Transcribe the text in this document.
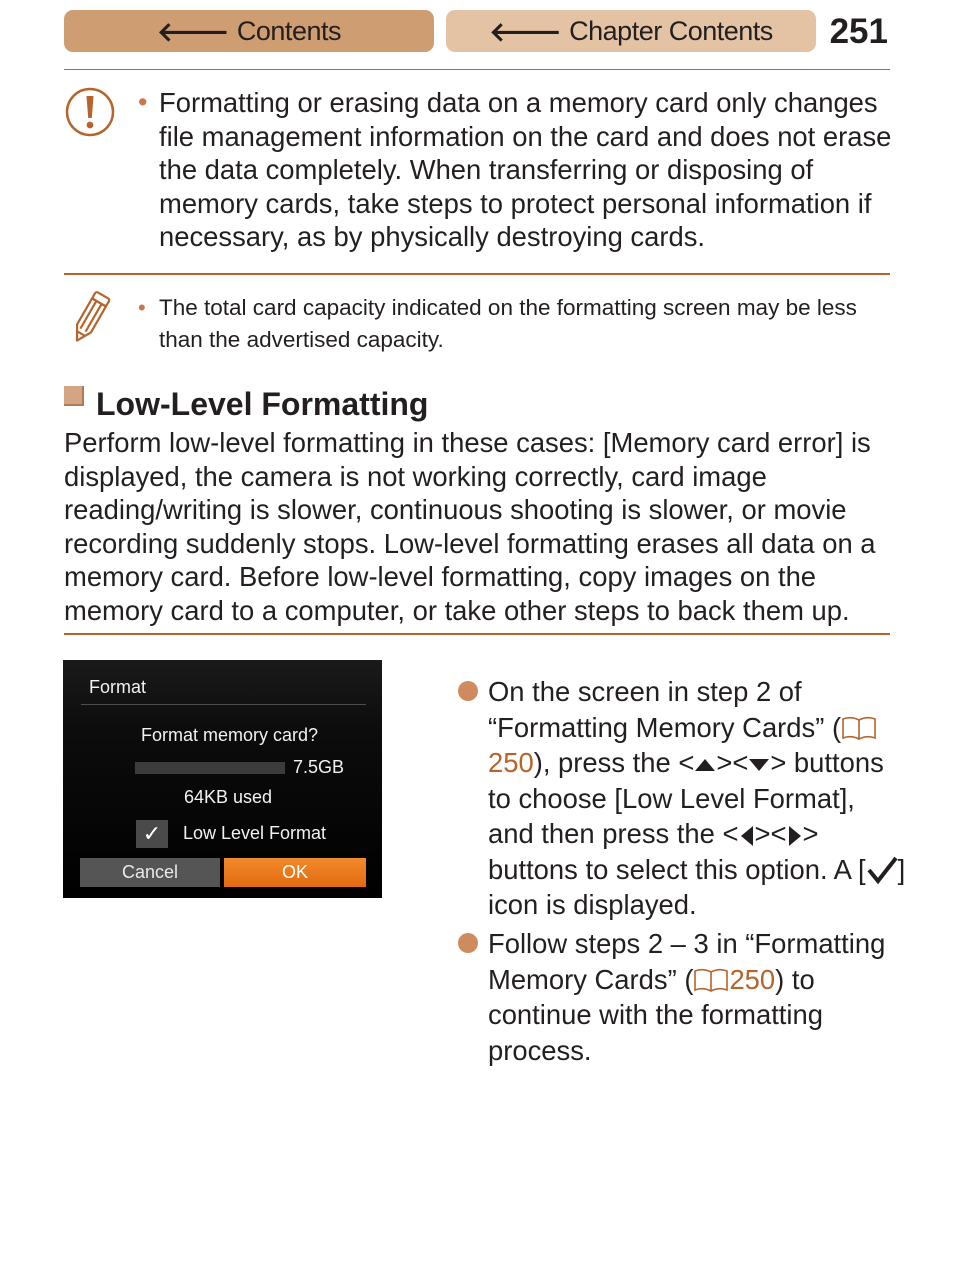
🡐 Contents	🡐 Chapter Contents 251
• Formatting or erasing data on a memory card only changes file management information on the card and does not erase the data completely. When transferring or disposing of memory cards, take steps to protect personal information if necessary, as by physically destroying cards.

• The total card capacity indicated on the formatting screen may be less than the advertised capacity.

Low-Level Formatting

Perform low-level formatting in these cases: [Memory card error] is displayed, the camera is not working correctly, card image reading/writing is slower, continuous shooting is slower, or movie recording suddenly stops. Low-level formatting erases all data on a memory card. Before low-level formatting, copy images on the memory card to a computer, or take other steps to back them up.

Format
Format memory card?
7.5GB
64KB used
✓ Low Level Format
Cancel	OK

On the screen in step 2 of “Formatting Memory Cards” (250), press the < >< > buttons to choose [Low Level Format], and then press the < >< > buttons to select this option. A [ ] icon is displayed.

Follow steps 2 – 3 in “Formatting Memory Cards” ( 250) to continue with the formatting process.
